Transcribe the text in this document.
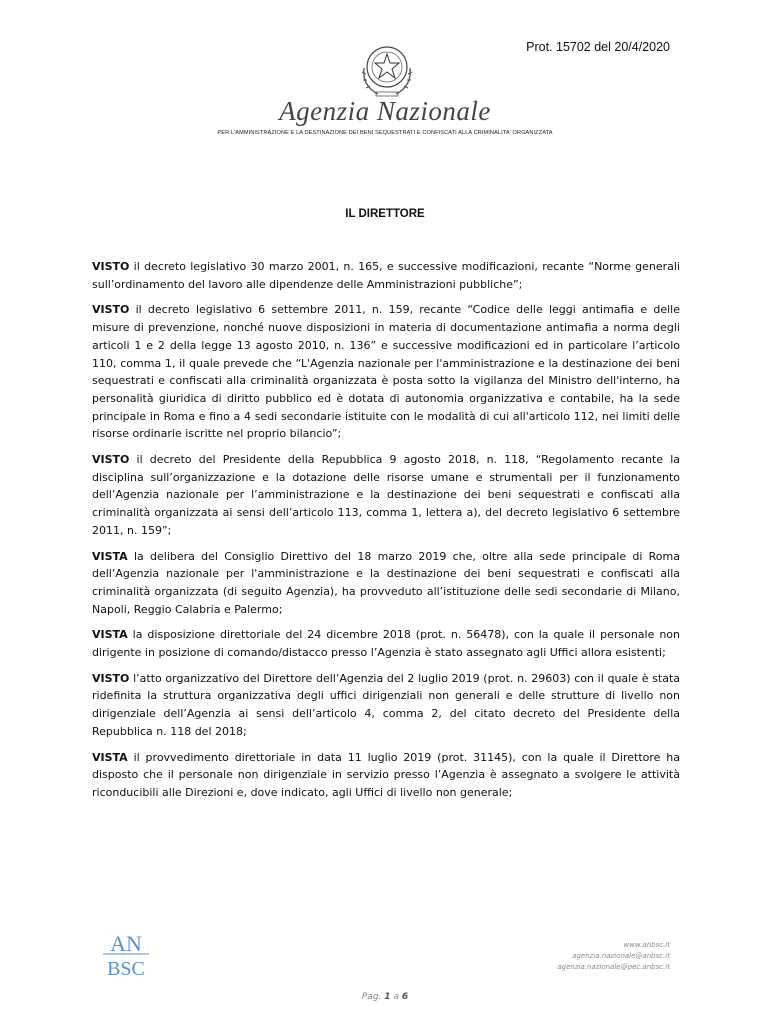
Prot. 15702 del 20/4/2020
Agenzia Nazionale
PER L'AMMINISTRAZIONE E LA DESTINAZIONE DEI BENI SEQUESTRATI E CONFISCATI ALLA CRIMINALITA' ORGANIZZATA
IL DIRETTORE

VISTO il decreto legislativo 30 marzo 2001, n. 165, e successive modificazioni, recante “Norme generali sull’ordinamento del lavoro alle dipendenze delle Amministrazioni pubbliche”;

VISTO il decreto legislativo 6 settembre 2011, n. 159, recante “Codice delle leggi antimafia e delle misure di prevenzione, nonché nuove disposizioni in materia di documentazione antimafia a norma degli articoli 1 e 2 della legge 13 agosto 2010, n. 136” e successive modificazioni ed in particolare l’articolo 110, comma 1, il quale prevede che “L'Agenzia nazionale per l'amministrazione e la destinazione dei beni sequestrati e confiscati alla criminalità organizzata è posta sotto la vigilanza del Ministro dell'interno, ha personalità giuridica di diritto pubblico ed è dotata di autonomia organizzativa e contabile, ha la sede principale in Roma e fino a 4 sedi secondarie istituite con le modalità di cui all'articolo 112, nei limiti delle risorse ordinarie iscritte nel proprio bilancio”;

VISTO il decreto del Presidente della Repubblica 9 agosto 2018, n. 118, “Regolamento recante la disciplina sull’organizzazione e la dotazione delle risorse umane e strumentali per il funzionamento dell’Agenzia nazionale per l’amministrazione e la destinazione dei beni sequestrati e confiscati alla criminalità organizzata ai sensi dell’articolo 113, comma 1, lettera a), del decreto legislativo 6 settembre 2011, n. 159”;

VISTA la delibera del Consiglio Direttivo del 18 marzo 2019 che, oltre alla sede principale di Roma dell’Agenzia nazionale per l'amministrazione e la destinazione dei beni sequestrati e confiscati alla criminalità organizzata (di seguito Agenzia), ha provveduto all’istituzione delle sedi secondarie di Milano, Napoli, Reggio Calabria e Palermo;

VISTA la disposizione direttoriale del 24 dicembre 2018 (prot. n. 56478), con la quale il personale non dirigente in posizione di comando/distacco presso l’Agenzia è stato assegnato agli Uffici allora esistenti;

VISTO l’atto organizzativo del Direttore dell’Agenzia del 2 luglio 2019 (prot. n. 29603) con il quale è stata ridefinita la struttura organizzativa degli uffici dirigenziali non generali e delle strutture di livello non dirigenziale dell’Agenzia ai sensi dell’articolo 4, comma 2, del citato decreto del Presidente della Repubblica n. 118 del 2018;

VISTA il provvedimento direttoriale in data 11 luglio 2019 (prot. 31145), con la quale il Direttore ha disposto che il personale non dirigenziale in servizio presso l’Agenzia è assegnato a svolgere le attività riconducibili alle Direzioni e, dove indicato, agli Uffici di livello non generale;

AN
BSC
www.anbsc.it
agenzia.nazionale@anbsc.it
agenzia.nazionale@pec.anbsc.it
Pag. 1 a 6
